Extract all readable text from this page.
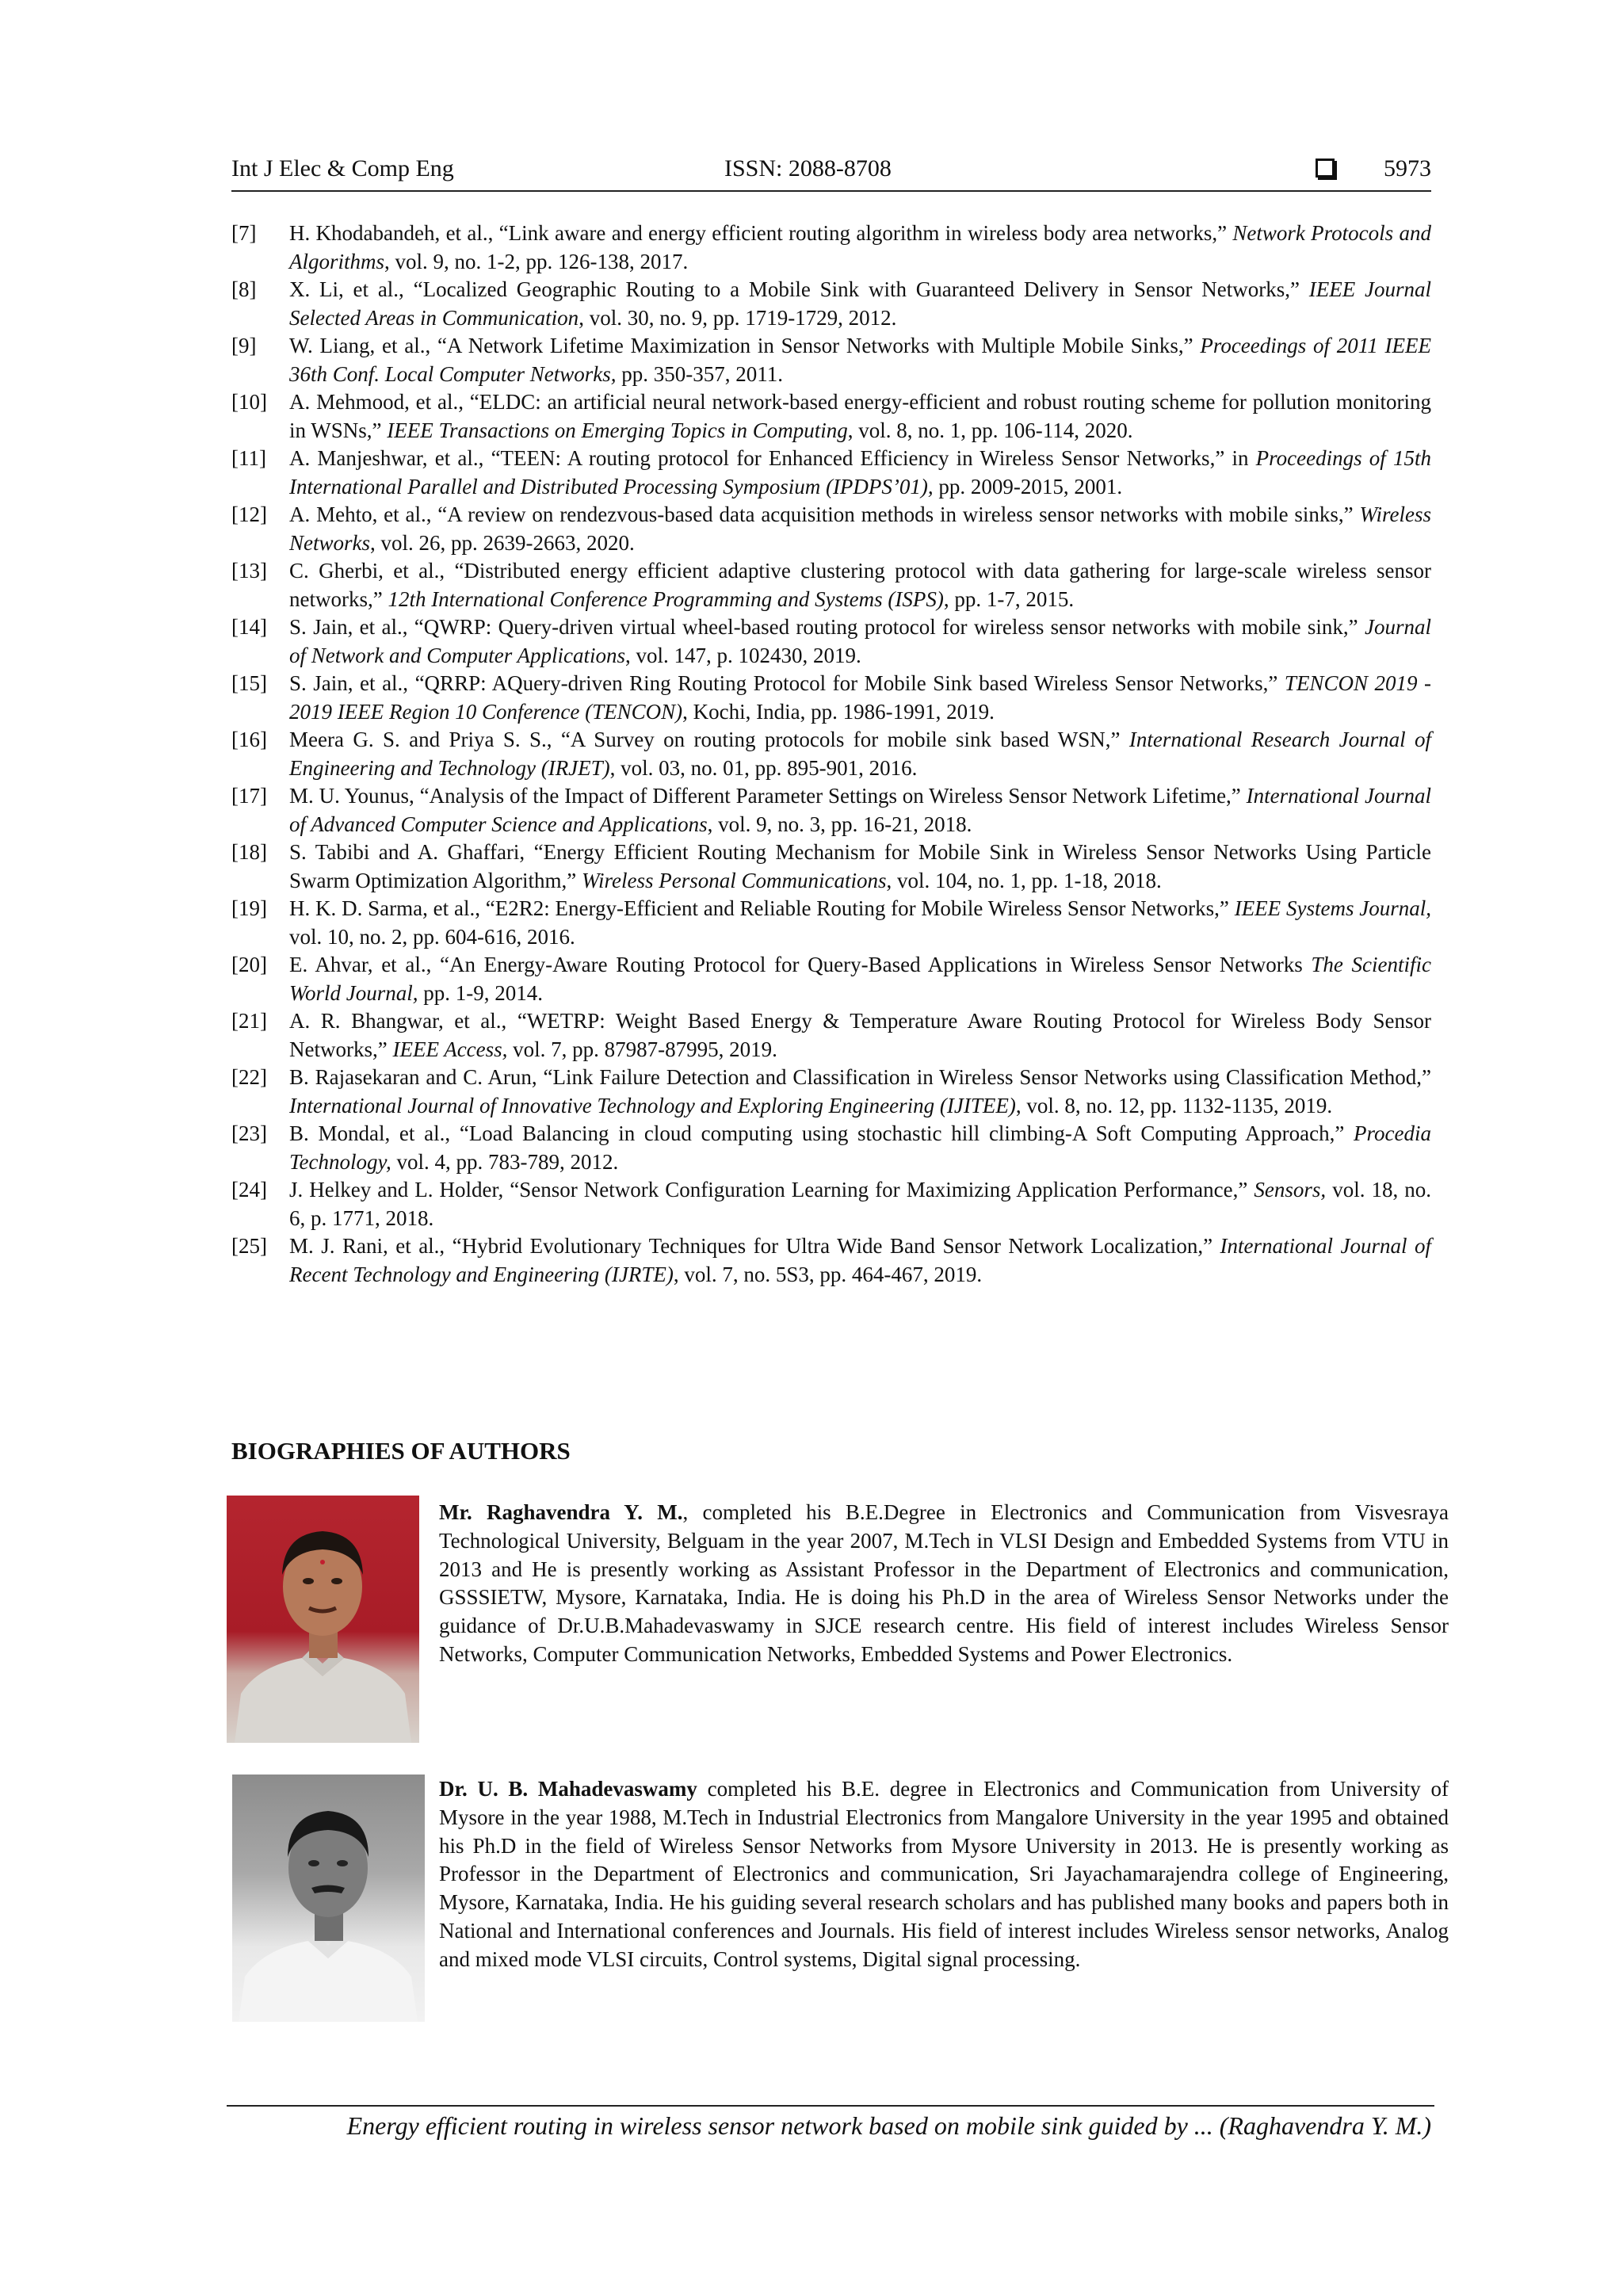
Int J Elec & Comp Eng	ISSN: 2088-8708	5973
[7] H. Khodabandeh, et al., “Link aware and energy efficient routing algorithm in wireless body area networks,” Network Protocols and Algorithms, vol. 9, no. 1-2, pp. 126-138, 2017.
[8] X. Li, et al., “Localized Geographic Routing to a Mobile Sink with Guaranteed Delivery in Sensor Networks,” IEEE Journal Selected Areas in Communication, vol. 30, no. 9, pp. 1719-1729, 2012.
[9] W. Liang, et al., “A Network Lifetime Maximization in Sensor Networks with Multiple Mobile Sinks,” Proceedings of 2011 IEEE 36th Conf. Local Computer Networks, pp. 350-357, 2011.
[10] A. Mehmood, et al., “ELDC: an artificial neural network-based energy-efficient and robust routing scheme for pollution monitoring in WSNs,” IEEE Transactions on Emerging Topics in Computing, vol. 8, no. 1, pp. 106-114, 2020.
[11] A. Manjeshwar, et al., “TEEN: A routing protocol for Enhanced Efficiency in Wireless Sensor Networks,” in Proceedings of 15th International Parallel and Distributed Processing Symposium (IPDPS’01), pp. 2009-2015, 2001.
[12] A. Mehto, et al., “A review on rendezvous-based data acquisition methods in wireless sensor networks with mobile sinks,” Wireless Networks, vol. 26, pp. 2639-2663, 2020.
[13] C. Gherbi, et al., “Distributed energy efficient adaptive clustering protocol with data gathering for large-scale wireless sensor networks,” 12th International Conference Programming and Systems (ISPS), pp. 1-7, 2015.
[14] S. Jain, et al., “QWRP: Query-driven virtual wheel-based routing protocol for wireless sensor networks with mobile sink,” Journal of Network and Computer Applications, vol. 147, p. 102430, 2019.
[15] S. Jain, et al., “QRRP: AQuery-driven Ring Routing Protocol for Mobile Sink based Wireless Sensor Networks,” TENCON 2019 - 2019 IEEE Region 10 Conference (TENCON), Kochi, India, pp. 1986-1991, 2019.
[16] Meera G. S. and Priya S. S., “A Survey on routing protocols for mobile sink based WSN,” International Research Journal of Engineering and Technology (IRJET), vol. 03, no. 01, pp. 895-901, 2016.
[17] M. U. Younus, “Analysis of the Impact of Different Parameter Settings on Wireless Sensor Network Lifetime,” International Journal of Advanced Computer Science and Applications, vol. 9, no. 3, pp. 16-21, 2018.
[18] S. Tabibi and A. Ghaffari, “Energy Efficient Routing Mechanism for Mobile Sink in Wireless Sensor Networks Using Particle Swarm Optimization Algorithm,” Wireless Personal Communications, vol. 104, no. 1, pp. 1-18, 2018.
[19] H. K. D. Sarma, et al., “E2R2: Energy-Efficient and Reliable Routing for Mobile Wireless Sensor Networks,” IEEE Systems Journal, vol. 10, no. 2, pp. 604-616, 2016.
[20] E. Ahvar, et al., “An Energy-Aware Routing Protocol for Query-Based Applications in Wireless Sensor Networks The Scientific World Journal, pp. 1-9, 2014.
[21] A. R. Bhangwar, et al., “WETRP: Weight Based Energy & Temperature Aware Routing Protocol for Wireless Body Sensor Networks,” IEEE Access, vol. 7, pp. 87987-87995, 2019.
[22] B. Rajasekaran and C. Arun, “Link Failure Detection and Classification in Wireless Sensor Networks using Classification Method,” International Journal of Innovative Technology and Exploring Engineering (IJITEE), vol. 8, no. 12, pp. 1132-1135, 2019.
[23] B. Mondal, et al., “Load Balancing in cloud computing using stochastic hill climbing-A Soft Computing Approach,” Procedia Technology, vol. 4, pp. 783-789, 2012.
[24] J. Helkey and L. Holder, “Sensor Network Configuration Learning for Maximizing Application Performance,” Sensors, vol. 18, no. 6, p. 1771, 2018.
[25] M. J. Rani, et al., “Hybrid Evolutionary Techniques for Ultra Wide Band Sensor Network Localization,” International Journal of Recent Technology and Engineering (IJRTE), vol. 7, no. 5S3, pp. 464-467, 2019.
BIOGRAPHIES OF AUTHORS
Mr. Raghavendra Y. M., completed his B.E.Degree in Electronics and Communication from Visvesraya Technological University, Belguam in the year 2007, M.Tech in VLSI Design and Embedded Systems from VTU in 2013 and He is presently working as Assistant Professor in the Department of Electronics and communication, GSSSIETW, Mysore, Karnataka, India. He is doing his Ph.D in the area of Wireless Sensor Networks under the guidance of Dr.U.B.Mahadevaswamy in SJCE research centre. His field of interest includes Wireless Sensor Networks, Computer Communication Networks, Embedded Systems and Power Electronics.
Dr. U. B. Mahadevaswamy completed his B.E. degree in Electronics and Communication from University of Mysore in the year 1988, M.Tech in Industrial Electronics from Mangalore University in the year 1995 and obtained his Ph.D in the field of Wireless Sensor Networks from Mysore University in 2013. He is presently working as Professor in the Department of Electronics and communication, Sri Jayachamarajendra college of Engineering, Mysore, Karnataka, India. He his guiding several research scholars and has published many books and papers both in National and International conferences and Journals. His field of interest includes Wireless sensor networks, Analog and mixed mode VLSI circuits, Control systems, Digital signal processing.
Energy efficient routing in wireless sensor network based on mobile sink guided by ... (Raghavendra Y. M.)
